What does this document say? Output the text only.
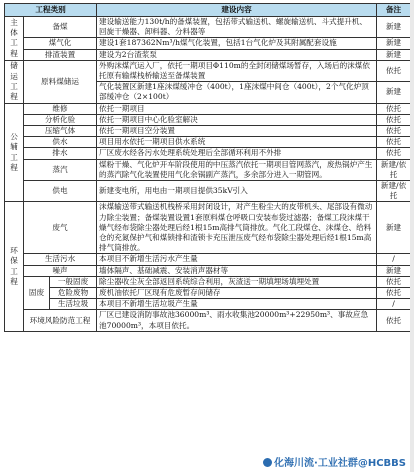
工程类别			建设内容	备注
主体工程	备煤		建设输送能力130t/h的备煤装置，包括带式输送机、螺旋输送机、斗式提升机、回旋干燥器、卸料器、分料器等	新建
	煤气化		建设1套187362Nm³/h煤气化装置，包括1台气化炉及其附属配套设施	新建
	排渣装置		建设为2台渣浆泵	新建
储运工程	原料煤储运		外购沫煤汽运入厂，依托一期项目Φ110m的全封闭储煤场暂存，入场后的沫煤依托原有输煤栈桥输送至备煤装置	依托
			气化装置区新建1座沫煤缓冲仓（400t），1座沫煤中间仓（400t），2个气化炉顶部缓冲仓（2×100t）	新建
公辅工程	维修		依托一期项目	依托
	分析化验		依托一期项目中心化验室解决	依托
	压缩气体		依托一期项目空分装置	依托
	供水		项目用水依托一期项目供水系统	依托
	排水		厂区废水经各污水处理系统处理后全部循环利用不外排	依托
	蒸汽		煤粉干燥、气化炉开车阶段使用的中压蒸汽依托一期项目管网蒸汽，废热锅炉产生的蒸汽除气化装置使用气化余锅副产蒸汽，多余部分进入一期管网。	新建/依托
	供电		新建变电所，用电由一期项目提供35kV引入	新建/依托
环保工程	废气		沫煤输送带式输送机栈桥采用封闭设计，对产生粉尘大的皮带机头、尾部设有微动力除尘装置；备煤装置设置1套原料煤仓呼吸口安装布袋过滤器；备煤工段沫煤干燥气经布袋除尘器处理后经1根15m高排气筒排放。气化工段煤仓、沫煤仓、给料仓的充氮保护气和煤锁排和渣锁卡充压泄压废气经布袋除尘器处理后经1根15m高排气筒排放。	新建
	生活污水		本项目不新增生活污水产生量	/
	噪声		墙体隔声、基础减震、安装消声器材等	新建
	固废	一般固废	除尘器收尘灰全部返回系统综合利用，灰渣送一期填埋场填埋处置	依托
		危险废物	废机油依托厂区现有危废暂存间储存	依托
		生活垃圾	本项目不新增生活垃圾产生量	/
	环境风险防范工程		厂区已建设消防事故池36000m³、雨水收集池20000m³+22950m³、事故应急池70000m³，本项目依托。	依托
化海川流·工业社群@HCBBS
